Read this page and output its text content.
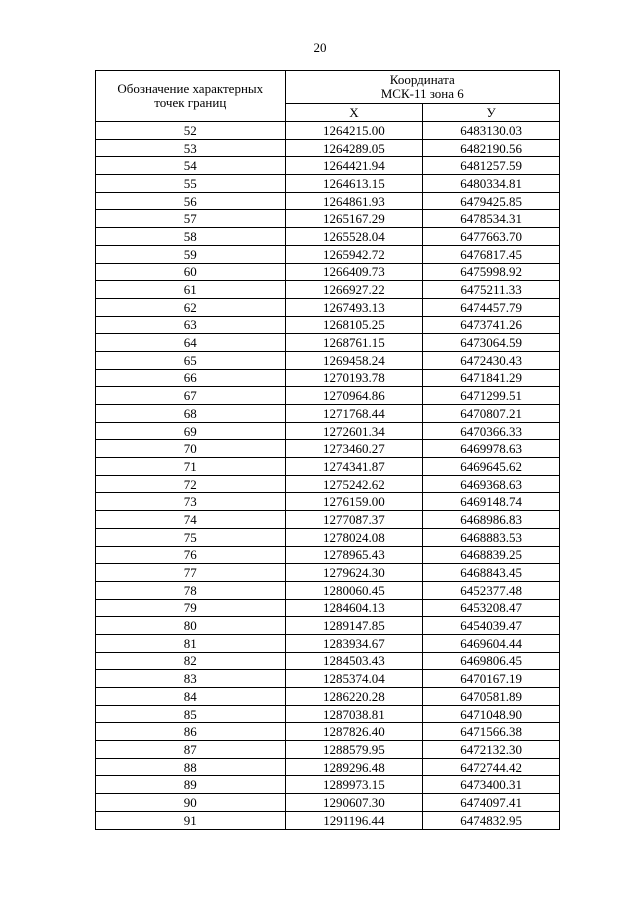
20
Обозначение характерных
точек границ	Координата
МСК-11 зона 6	

	X	У
52	1264215.00	6483130.03
53	1264289.05	6482190.56
54	1264421.94	6481257.59
55	1264613.15	6480334.81
56	1264861.93	6479425.85
57	1265167.29	6478534.31
58	1265528.04	6477663.70
59	1265942.72	6476817.45
60	1266409.73	6475998.92
61	1266927.22	6475211.33
62	1267493.13	6474457.79
63	1268105.25	6473741.26
64	1268761.15	6473064.59
65	1269458.24	6472430.43
66	1270193.78	6471841.29
67	1270964.86	6471299.51
68	1271768.44	6470807.21
69	1272601.34	6470366.33
70	1273460.27	6469978.63
71	1274341.87	6469645.62
72	1275242.62	6469368.63
73	1276159.00	6469148.74
74	1277087.37	6468986.83
75	1278024.08	6468883.53
76	1278965.43	6468839.25
77	1279624.30	6468843.45
78	1280060.45	6452377.48
79	1284604.13	6453208.47
80	1289147.85	6454039.47
81	1283934.67	6469604.44
82	1284503.43	6469806.45
83	1285374.04	6470167.19
84	1286220.28	6470581.89
85	1287038.81	6471048.90
86	1287826.40	6471566.38
87	1288579.95	6472132.30
88	1289296.48	6472744.42
89	1289973.15	6473400.31
90	1290607.30	6474097.41
91	1291196.44	6474832.95
